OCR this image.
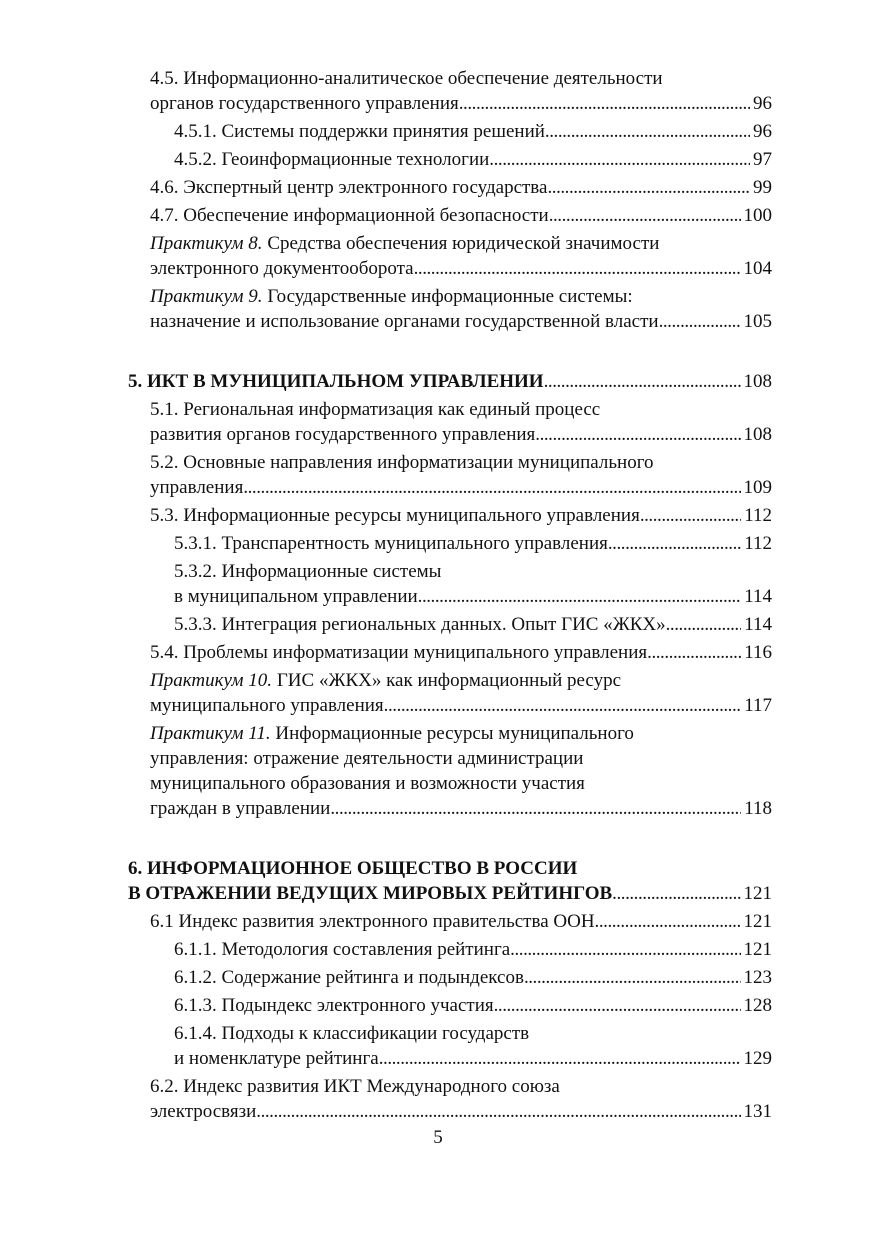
4.5. Информационно-аналитическое обеспечение деятельности
органов государственного управления . . .	96
4.5.1. Системы поддержки принятия решений . . .	96
4.5.2. Геоинформационные технологии . . .	97
4.6. Экспертный центр электронного государства . . .	99
4.7. Обеспечение информационной безопасности . . .	100
Практикум 8. Средства обеспечения юридической значимости
электронного документооборота . . .	104
Практикум 9. Государственные информационные системы:
назначение и использование органами государственной власти . . .	105
5. ИКТ В МУНИЦИПАЛЬНОМ УПРАВЛЕНИИ . . .	108
5.1. Региональная информатизация как единый процесс
развития органов государственного управления . . .	108
5.2. Основные направления информатизации муниципального
управления . . .	109
5.3. Информационные ресурсы муниципального управления . . .	112
5.3.1. Транспарентность муниципального управления . . .	112
5.3.2. Информационные системы
в муниципальном управлении . . .	114
5.3.3. Интеграция региональных данных. Опыт ГИС «ЖКХ» . . .	114
5.4. Проблемы информатизации муниципального управления . . .	116
Практикум 10. ГИС «ЖКХ» как информационный ресурс
муниципального управления . . .	117
Практикум 11. Информационные ресурсы муниципального
управления: отражение деятельности администрации
муниципального образования и возможности участия
граждан в управлении . . .	118
6. ИНФОРМАЦИОННОЕ ОБЩЕСТВО В РОССИИ
В ОТРАЖЕНИИ ВЕДУЩИХ МИРОВЫХ РЕЙТИНГОВ . . .	121
6.1 Индекс развития электронного правительства ООН . . .	121
6.1.1. Методология составления рейтинга . . .	121
6.1.2. Содержание рейтинга и подындексов . . .	123
6.1.3. Подындекс электронного участия . . .	128
6.1.4. Подходы к классификации государств
и номенклатуре рейтинга . . .	129
6.2. Индекс развития ИКТ Международного союза
электросвязи . . .	131
5
